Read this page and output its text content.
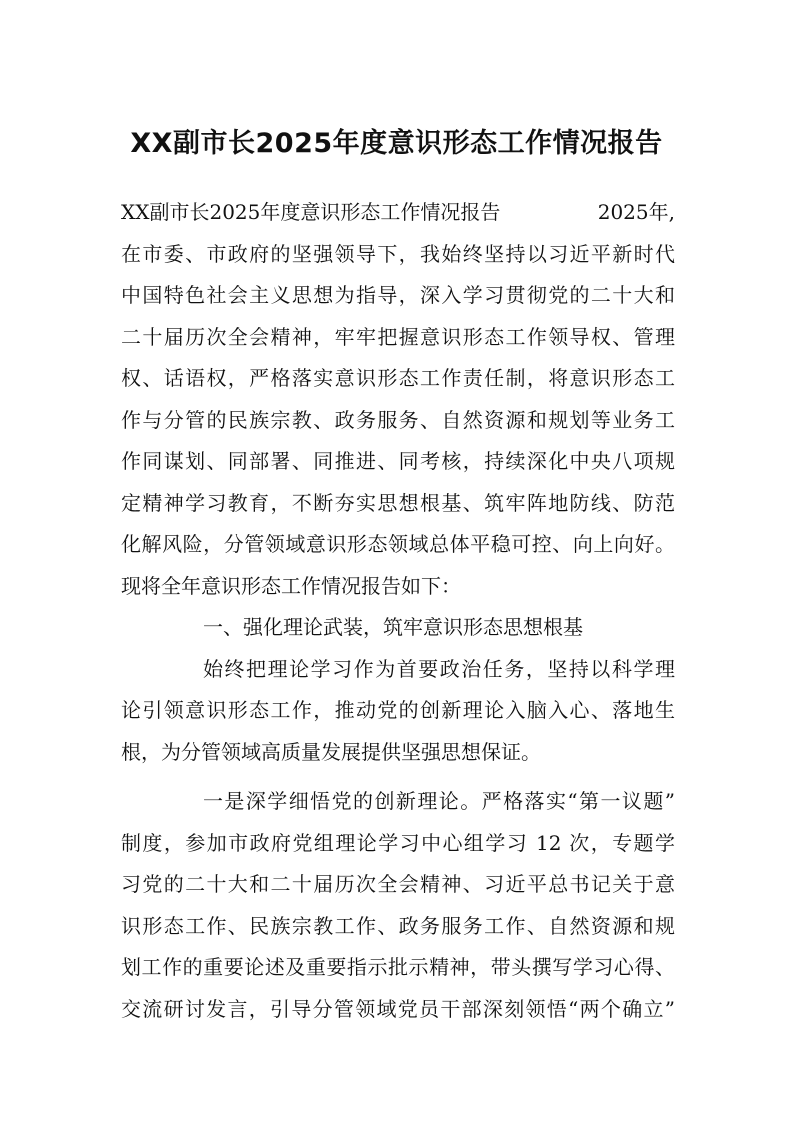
XX副市长2025年度意识形态工作情况报告
XX副市长2025年度意识形态工作情况报告	2025年,
在市委、市政府的坚强领导下，我始终坚持以习近平新时代
中国特色社会主义思想为指导，深入学习贯彻党的二十大和
二十届历次全会精神，牢牢把握意识形态工作领导权、管理
权、话语权，严格落实意识形态工作责任制，将意识形态工
作与分管的民族宗教、政务服务、自然资源和规划等业务工
作同谋划、同部署、同推进、同考核，持续深化中央八项规
定精神学习教育，不断夯实思想根基、筑牢阵地防线、防范
化解风险，分管领域意识形态领域总体平稳可控、向上向好。
现将全年意识形态工作情况报告如下：
一、强化理论武装，筑牢意识形态思想根基
始终把理论学习作为首要政治任务，坚持以科学理
论引领意识形态工作，推动党的创新理论入脑入心、落地生
根，为分管领域高质量发展提供坚强思想保证。
一是深学细悟党的创新理论。严格落实“第一议题”
制度，参加市政府党组理论学习中心组学习 12 次，专题学
习党的二十大和二十届历次全会精神、习近平总书记关于意
识形态工作、民族宗教工作、政务服务工作、自然资源和规
划工作的重要论述及重要指示批示精神，带头撰写学习心得、
交流研讨发言，引导分管领域党员干部深刻领悟“两个确立”
